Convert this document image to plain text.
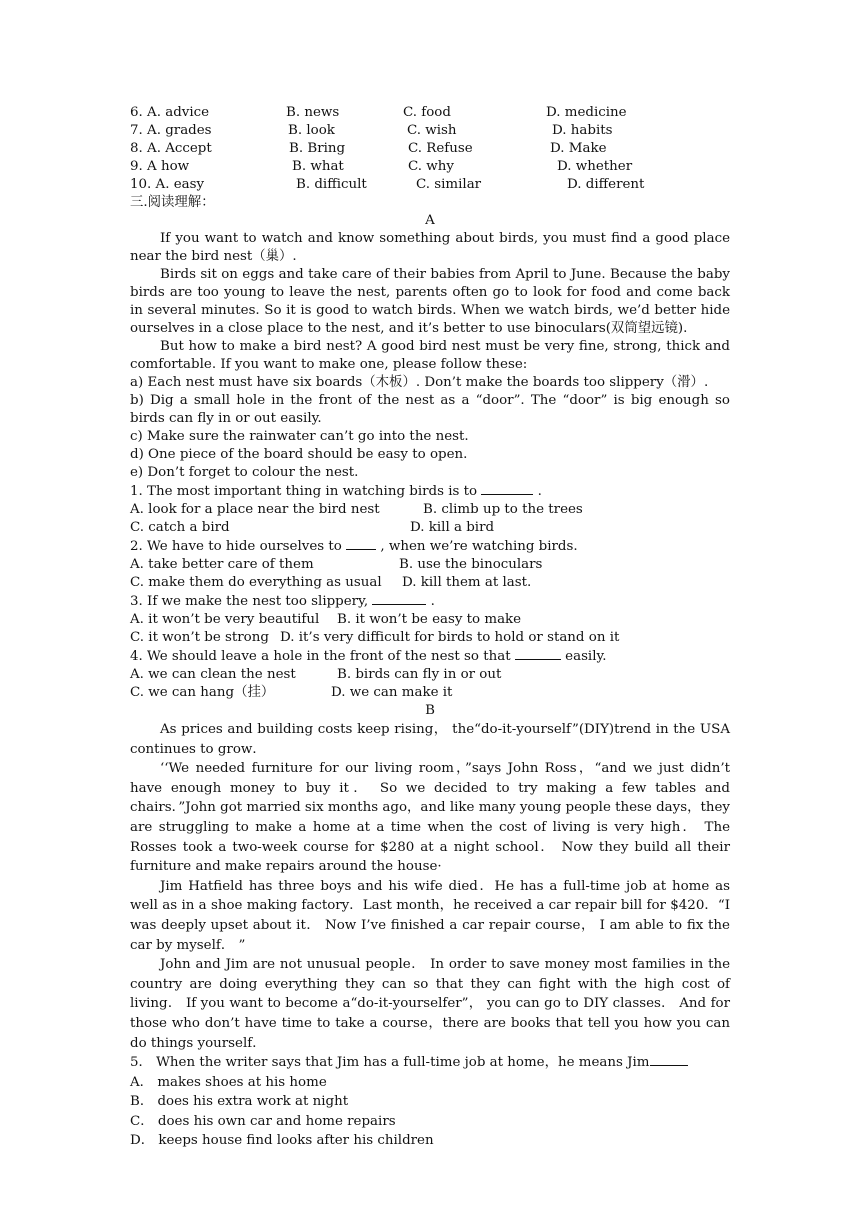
6. A. advice	B. news	C. food	D. medicine
7. A. grades	B. look	C. wish	D. habits
8. A. Accept	B. Bring	C. Refuse	D. Make
9. A how	B. what	C. why	D. whether
10. A. easy	B. difficult	C. similar	D. different

三.阅读理解：

A

If you want to watch and know something about birds, you must find a good place near the bird nest（巢）.

Birds sit on eggs and take care of their babies from April to June. Because the baby birds are too young to leave the nest, parents often go to look for food and come back in several minutes. So it is good to watch birds. When we watch birds, we’d better hide ourselves in a close place to the nest, and it’s better to use binoculars(双筒望远镜).

But how to make a bird nest? A good bird nest must be very fine, strong, thick and comfortable. If you want to make one, please follow these:

a) Each nest must have six boards（木板）. Don’t make the boards too slippery（滑）.

b) Dig a small hole in the front of the nest as a “door”. The “door” is big enough so birds can fly in or out easily.

c) Make sure the rainwater can’t go into the nest.

d) One piece of the board should be easy to open.

e) Don’t forget to colour the nest.

1. The most important thing in watching birds is to	.

A. look for a place near the bird nest	B. climb up to the trees
C. catch a bird	D. kill a bird

2. We have to hide ourselves to	, when we’re watching birds.

A. take better care of them	B. use the binoculars
C. make them do everything as usual D. kill them at last.

3. If we make the nest too slippery,	.

A. it won’t be very beautiful B. it won’t be easy to make
C. it won’t be strong D. it’s very difficult for birds to hold or stand on it

4. We should leave a hole in the front of the nest so that	easily.

A. we can clean the nest	B. birds can fly in or out
C. we can hang（挂）	D. we can make it

B

As prices and building costs keep rising， the“do-it-yourself”(DIY)trend in the USA continues to grow．

‘‘We needed furniture for our living room，”says John Ross，“and we just didn’t have enough money to buy it． So we decided to try making a few tables and chairs．”John got married six months ago，and like many young people these days，they are struggling to make a home at a time when the cost of living is very high． The Rosses took a two-week course for $280 at a night school． Now they build all their furniture and make repairs around the house·

Jim Hatfield has three boys and his wife died．He has a full-time job at home as well as in a shoe making factory．Last month，he received a car repair bill for $420．“I was deeply upset about it． Now I’ve finished a car repair course， I am able to fix the car by myself． ”

John and Jim are not unusual people． In order to save money most families in the country are doing everything they can so that they can fight with the high cost of living． If you want to become a“do-it-yourselfer”， you can go to DIY classes． And for those who don’t have time to take a course，there are books that tell you how you can do things yourself．

5． When the writer says that Jim has a full-time job at home，he means Jim

A． makes shoes at his home

B． does his extra work at night

C． does his own car and home repairs

D． keeps house find looks after his children
